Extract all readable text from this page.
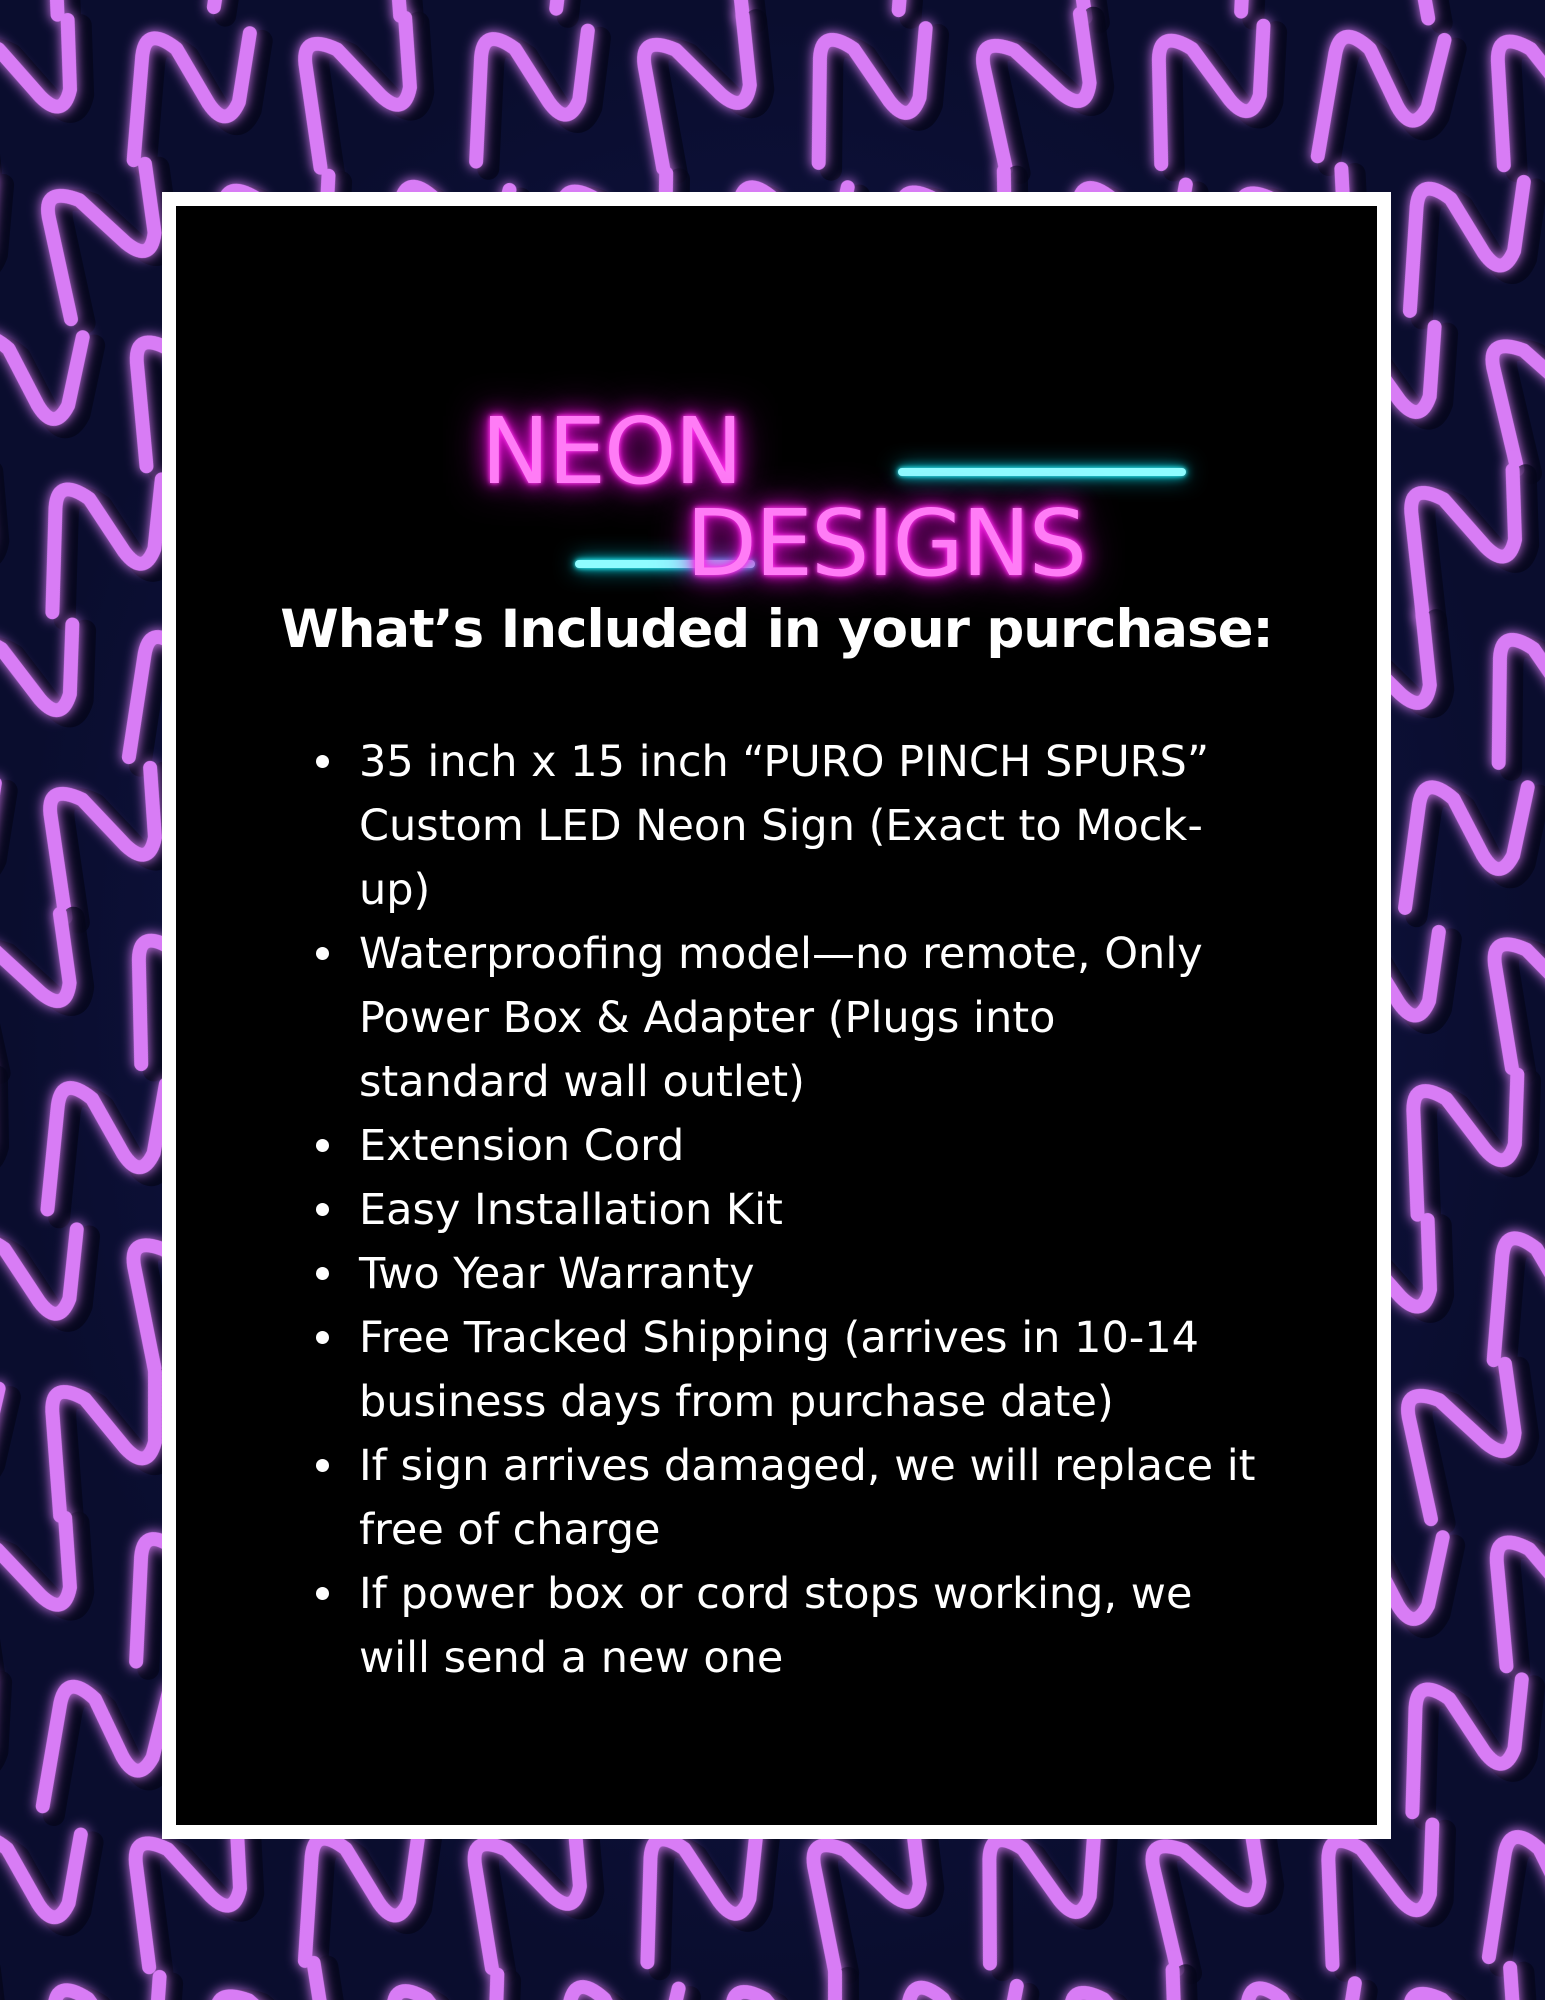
NEON
DESIGNS
What’s Included in your purchase:
35 inch x 15 inch “PURO PINCH SPURS” Custom LED Neon Sign (Exact to Mock-up)
Waterproofing model—no remote, Only Power Box & Adapter (Plugs into standard wall outlet)
Extension Cord
Easy Installation Kit
Two Year Warranty
Free Tracked Shipping (arrives in 10-14 business days from purchase date)
If sign arrives damaged, we will replace it free of charge
If power box or cord stops working, we will send a new one
